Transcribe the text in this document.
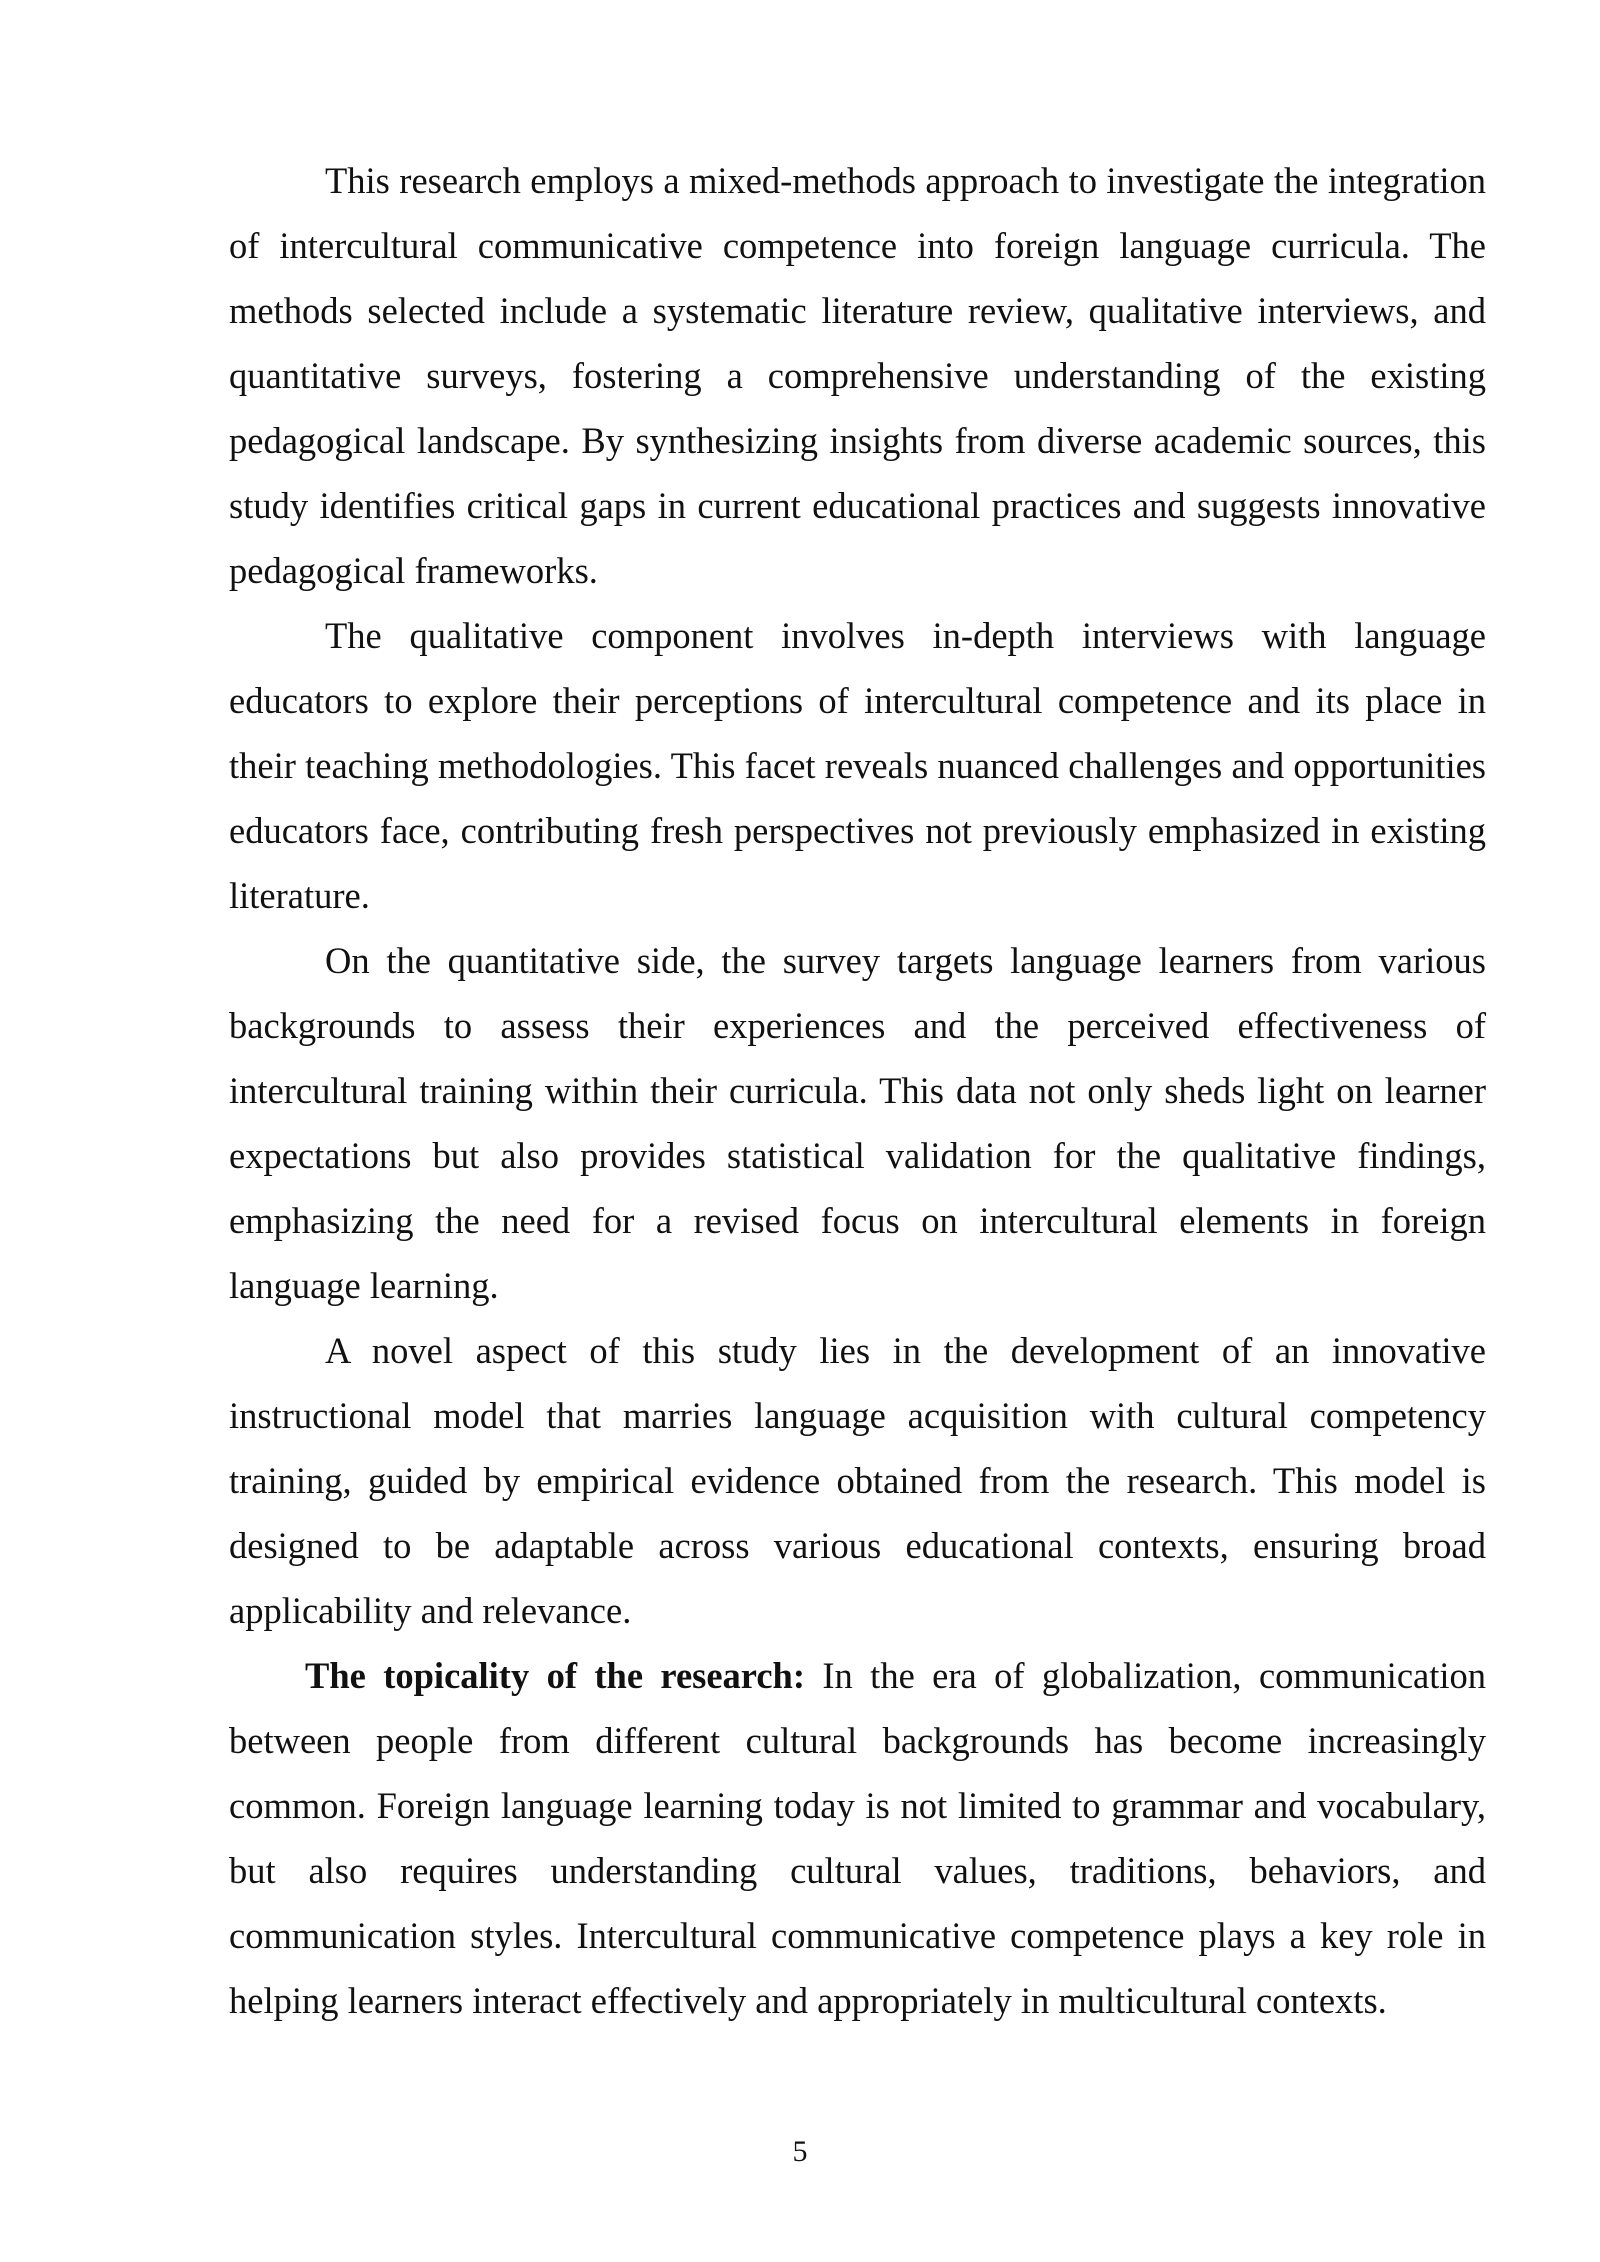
This research employs a mixed-methods approach to investigate the integration of intercultural communicative competence into foreign language curricula. The methods selected include a systematic literature review, qualitative interviews, and quantitative surveys, fostering a comprehensive understanding of the existing pedagogical landscape. By synthesizing insights from diverse academic sources, this study identifies critical gaps in current educational practices and suggests innovative pedagogical frameworks.

The qualitative component involves in-depth interviews with language educators to explore their perceptions of intercultural competence and its place in their teaching methodologies. This facet reveals nuanced challenges and opportunities educators face, contributing fresh perspectives not previously emphasized in existing literature.

On the quantitative side, the survey targets language learners from various backgrounds to assess their experiences and the perceived effectiveness of intercultural training within their curricula. This data not only sheds light on learner expectations but also provides statistical validation for the qualitative findings, emphasizing the need for a revised focus on intercultural elements in foreign language learning.

A novel aspect of this study lies in the development of an innovative instructional model that marries language acquisition with cultural competency training, guided by empirical evidence obtained from the research. This model is designed to be adaptable across various educational contexts, ensuring broad applicability and relevance.

The topicality of the research: In the era of globalization, communication between people from different cultural backgrounds has become increasingly common. Foreign language learning today is not limited to grammar and vocabulary, but also requires understanding cultural values, traditions, behaviors, and communication styles. Intercultural communicative competence plays a key role in helping learners interact effectively and appropriately in multicultural contexts.

5
